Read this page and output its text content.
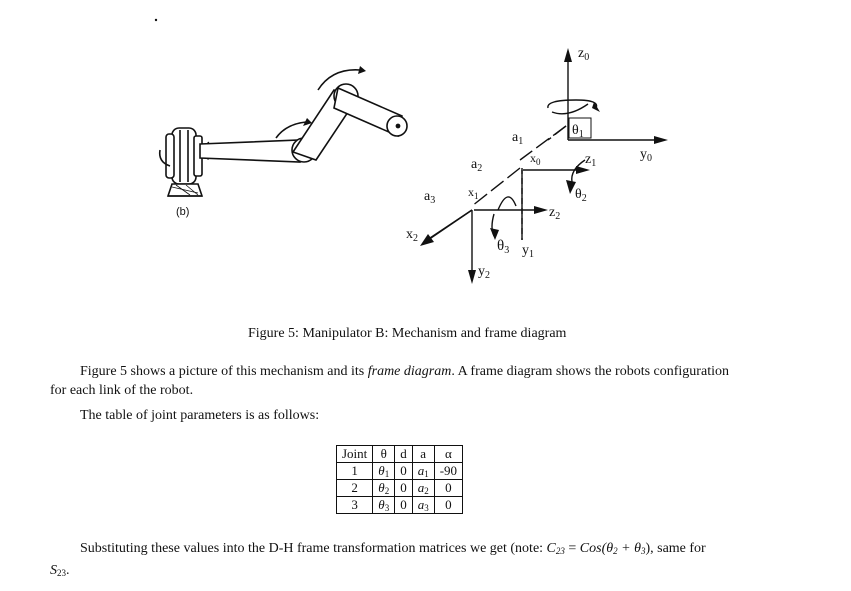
(b)
$z_0$
$y_0$
$\theta_1$
$a_1$
$x_0$	$z_1$
$\theta_2$
$a_2$
$x_1$
$z_2$
$a_3$
$\theta_3$ $y_1$
$x_2$
$y_2$
Figure 5: Manipulator B: Mechanism and frame diagram
Figure 5 shows a picture of this mechanism and its frame diagram. A frame diagram shows the robots configuration
for each link of the robot.
The table of joint parameters is as follows:
Joint	θ	d	a	α
1	$\theta_1$	0	$a_1$	-90
2	$\theta_2$	0	$a_2$	0
3	$\theta_3$	0	$a_3$	0
Substituting these values into the D-H frame transformation matrices we get (note: $C_{23} = Cos(\theta_2 + \theta_3)$, same for
$S_{23}$.
